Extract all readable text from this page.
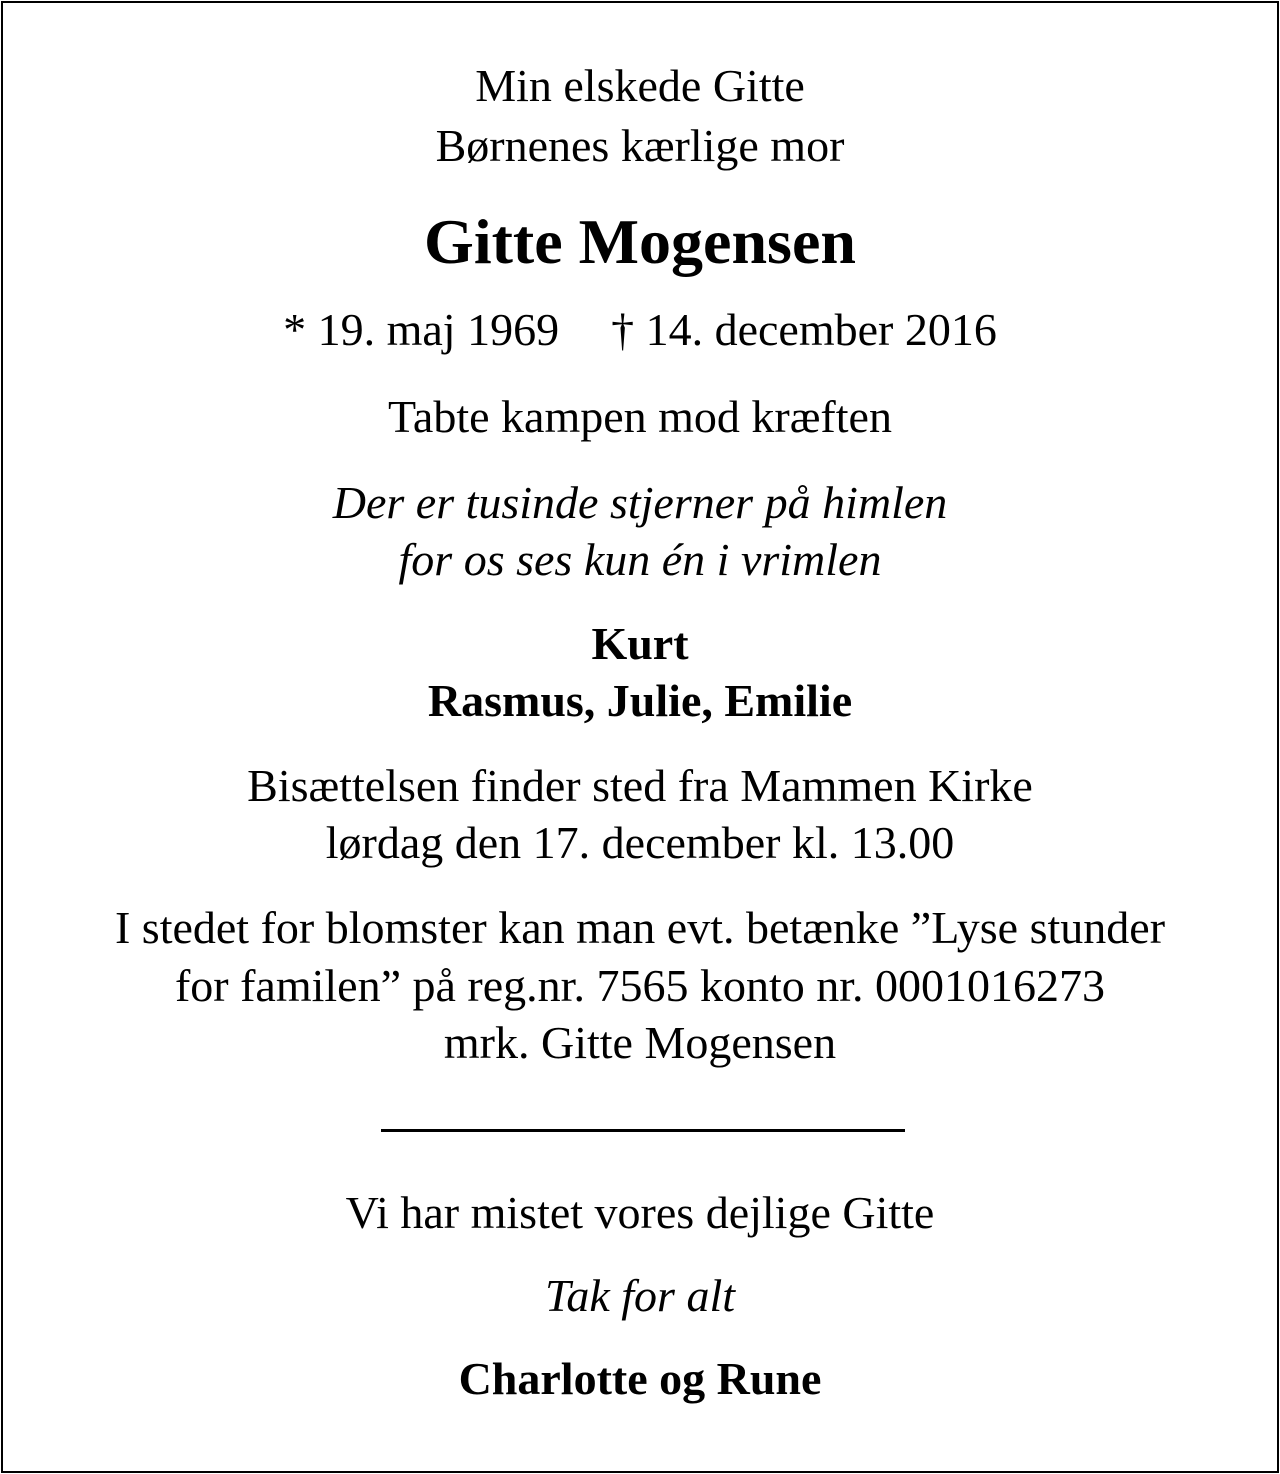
Min elskede Gitte
Børnenes kærlige mor
Gitte Mogensen
* 19. maj 1969 † 14. december 2016
Tabte kampen mod kræften
Der er tusinde stjerner på himlen
for os ses kun én i vrimlen
Kurt
Rasmus, Julie, Emilie
Bisættelsen finder sted fra Mammen Kirke
lørdag den 17. december kl. 13.00
I stedet for blomster kan man evt. betænke ”Lyse stunder
for familen” på reg.nr. 7565 konto nr. 0001016273
mrk. Gitte Mogensen
Vi har mistet vores dejlige Gitte
Tak for alt
Charlotte og Rune
